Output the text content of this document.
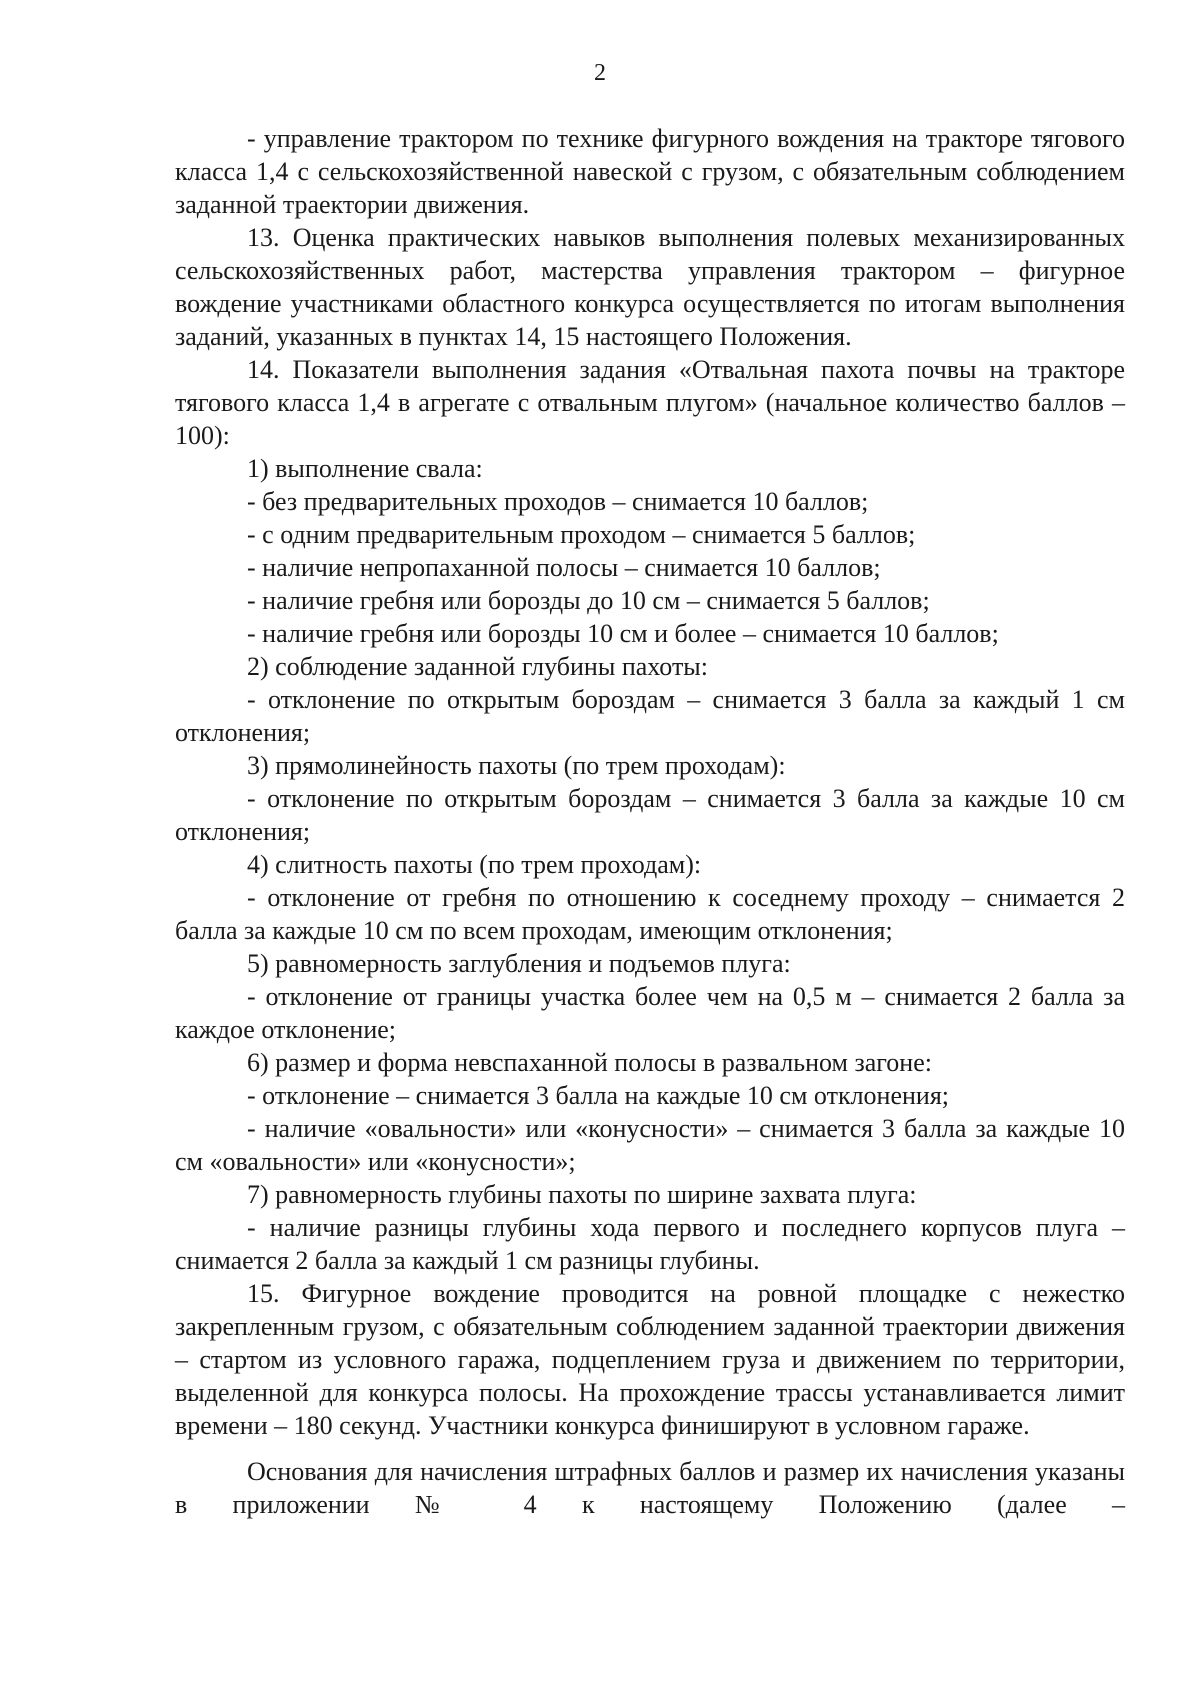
2

- управление трактором по технике фигурного вождения на тракторе тягового класса 1,4 с сельскохозяйственной навеской с грузом, с обязательным соблюдением заданной траектории движения.

13. Оценка практических навыков выполнения полевых механизированных сельскохозяйственных работ, мастерства управления трактором – фигурное вождение участниками областного конкурса осуществляется по итогам выполнения заданий, указанных в пунктах 14, 15 настоящего Положения.

14. Показатели выполнения задания «Отвальная пахота почвы на тракторе тягового класса 1,4 в агрегате с отвальным плугом» (начальное количество баллов – 100):

1) выполнение свала:

- без предварительных проходов – снимается 10 баллов;

- с одним предварительным проходом – снимается 5 баллов;

- наличие непропаханной полосы – снимается 10 баллов;

- наличие гребня или борозды до 10 см – снимается 5 баллов;

- наличие гребня или борозды 10 см и более – снимается 10 баллов;

2) соблюдение заданной глубины пахоты:

- отклонение по открытым бороздам – снимается 3 балла за каждый 1 см отклонения;

3) прямолинейность пахоты (по трем проходам):

- отклонение по открытым бороздам – снимается 3 балла за каждые 10 см отклонения;

4) слитность пахоты (по трем проходам):

- отклонение от гребня по отношению к соседнему проходу – снимается 2 балла за каждые 10 см по всем проходам, имеющим отклонения;

5) равномерность заглубления и подъемов плуга:

- отклонение от границы участка более чем на 0,5 м – снимается 2 балла за каждое отклонение;

6) размер и форма невспаханной полосы в развальном загоне:

- отклонение – снимается 3 балла на каждые 10 см отклонения;

- наличие «овальности» или «конусности» – снимается 3 балла за каждые 10 см «овальности» или «конусности»;

7) равномерность глубины пахоты по ширине захвата плуга:

- наличие разницы глубины хода первого и последнего корпусов плуга – снимается 2 балла за каждый 1 см разницы глубины.

15. Фигурное вождение проводится на ровной площадке с нежестко закрепленным грузом, с обязательным соблюдением заданной траектории движения – стартом из условного гаража, подцеплением груза и движением по территории, выделенной для конкурса полосы. На прохождение трассы устанавливается лимит времени – 180 секунд. Участники конкурса финишируют в условном гараже.

Основания для начисления штрафных баллов и размер их начисления указаны в приложении № 4 к настоящему Положению (далее –
